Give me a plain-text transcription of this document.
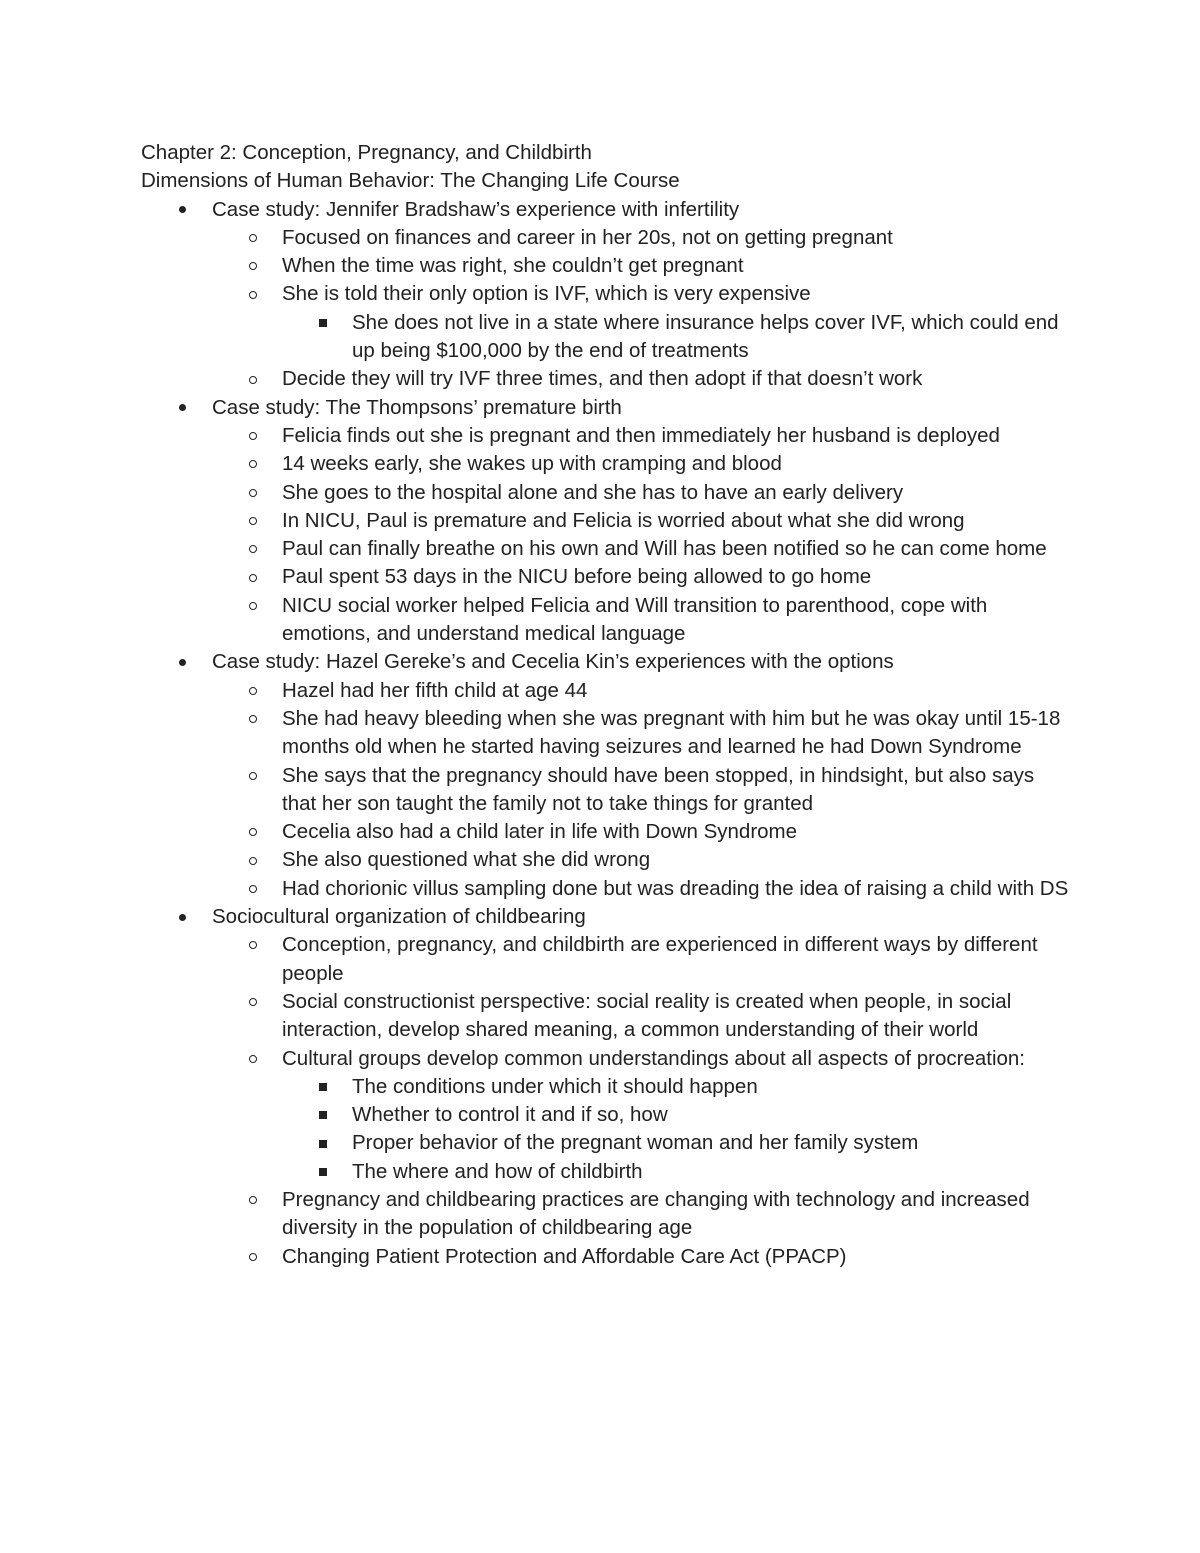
Chapter 2: Conception, Pregnancy, and Childbirth

Dimensions of Human Behavior: The Changing Life Course

Case study: Jennifer Bradshaw’s experience with infertility
Focused on finances and career in her 20s, not on getting pregnant
When the time was right, she couldn’t get pregnant
She is told their only option is IVF, which is very expensive
She does not live in a state where insurance helps cover IVF, which could end up being $100,000 by the end of treatments
Decide they will try IVF three times, and then adopt if that doesn’t work
Case study: The Thompsons’ premature birth
Felicia finds out she is pregnant and then immediately her husband is deployed
14 weeks early, she wakes up with cramping and blood
She goes to the hospital alone and she has to have an early delivery
In NICU, Paul is premature and Felicia is worried about what she did wrong
Paul can finally breathe on his own and Will has been notified so he can come home
Paul spent 53 days in the NICU before being allowed to go home
NICU social worker helped Felicia and Will transition to parenthood, cope with emotions, and understand medical language
Case study: Hazel Gereke’s and Cecelia Kin’s experiences with the options
Hazel had her fifth child at age 44
She had heavy bleeding when she was pregnant with him but he was okay until 15-18 months old when he started having seizures and learned he had Down Syndrome
She says that the pregnancy should have been stopped, in hindsight, but also says that her son taught the family not to take things for granted
Cecelia also had a child later in life with Down Syndrome
She also questioned what she did wrong
Had chorionic villus sampling done but was dreading the idea of raising a child with DS
Sociocultural organization of childbearing
Conception, pregnancy, and childbirth are experienced in different ways by different people
Social constructionist perspective: social reality is created when people, in social interaction, develop shared meaning, a common understanding of their world
Cultural groups develop common understandings about all aspects of procreation:
The conditions under which it should happen
Whether to control it and if so, how
Proper behavior of the pregnant woman and her family system
The where and how of childbirth
Pregnancy and childbearing practices are changing with technology and increased diversity in the population of childbearing age
Changing Patient Protection and Affordable Care Act (PPACP)
